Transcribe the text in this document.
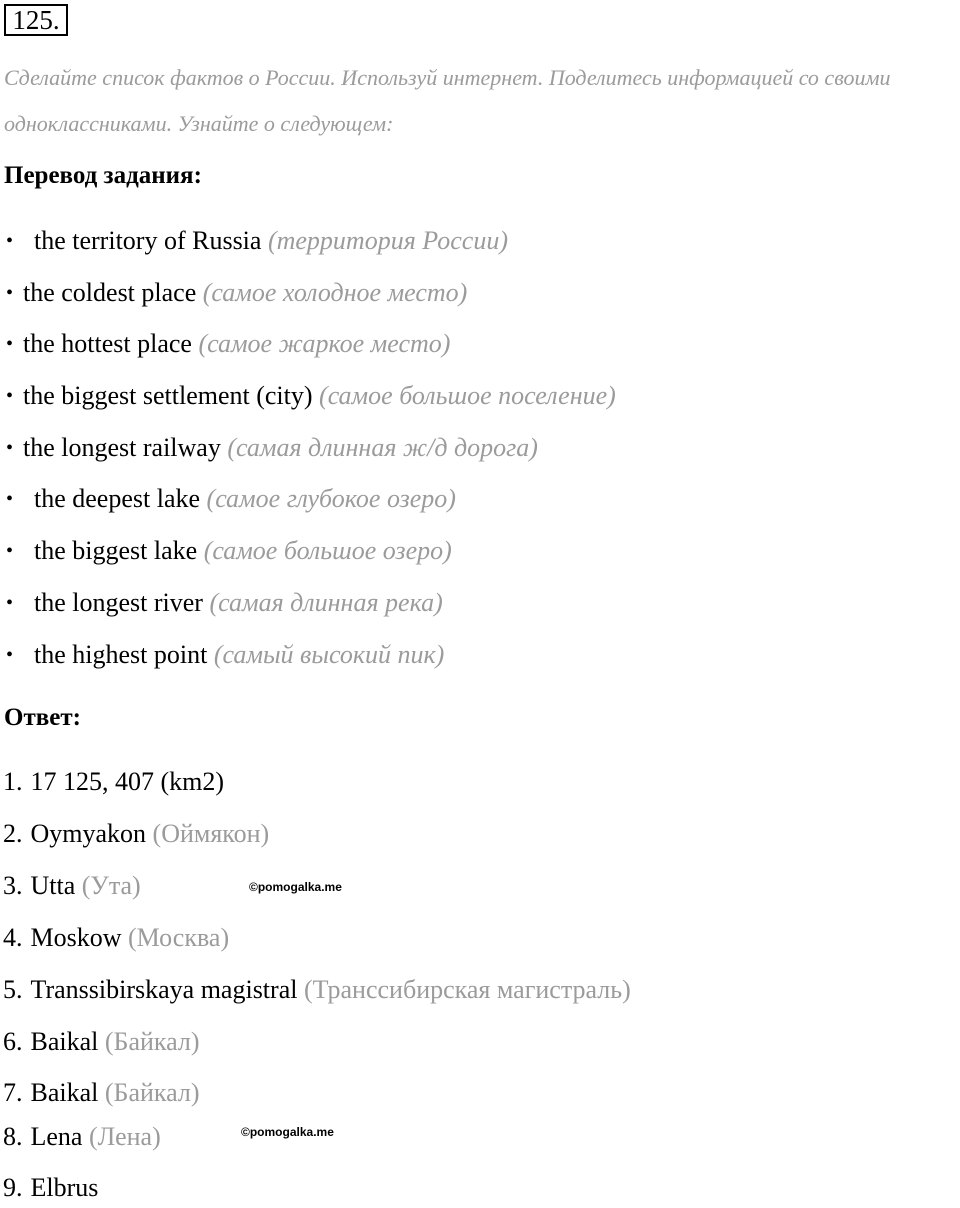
125.

Сделайте список фактов о России. Используй интернет. Поделитесь информацией со своими одноклассниками. Узнайте о следующем:

Перевод задания:
• the territory of Russia (территория России)
• the coldest place (самое холодное место)
• the hottest place (самое жаркое место)
• the biggest settlement (city) (самое большое поселение)
• the longest railway (самая длинная ж/д дорога)
• the deepest lake (самое глубокое озеро)
• the biggest lake (самое большое озеро)
• the longest river (самая длинная река)
• the highest point (самый высокий пик)
Ответ:
1. 17 125, 407 (km2)
2. Oymyakon (Оймякон)
3. Utta (Ута)
4. Moskow (Москва)
5. Transsibirskaya magistral (Транссибирская магистраль)
6. Baikal (Байкал)
7. Baikal (Байкал)
8. Lena (Лена)
9. Elbrus
©pomogalka.me
©pomogalka.me
